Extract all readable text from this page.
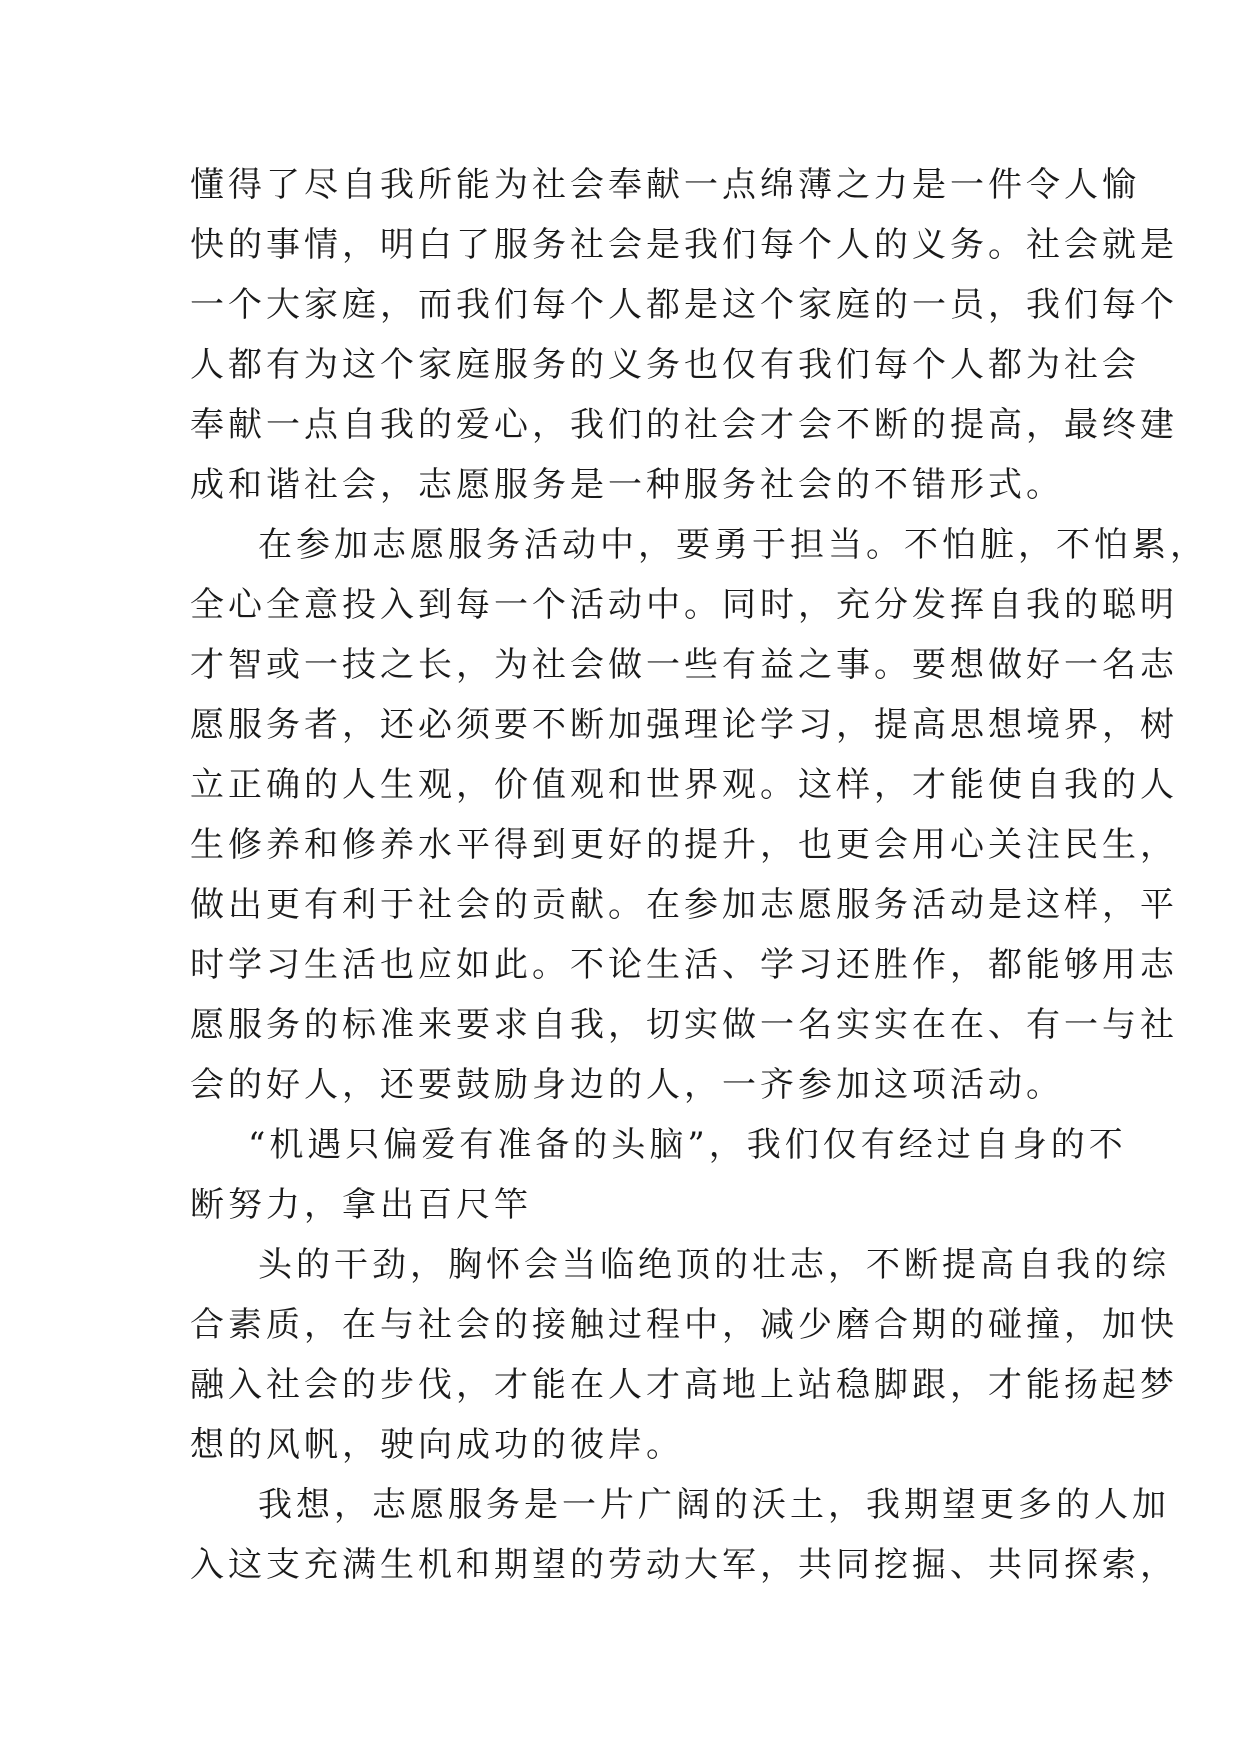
懂得了尽自我所能为社会奉献一点绵薄之力是一件令人愉
快的事情，明白了服务社会是我们每个人的义务。社会就是
一个大家庭，而我们每个人都是这个家庭的一员，我们每个
人都有为这个家庭服务的义务也仅有我们每个人都为社会
奉献一点自我的爱心，我们的社会才会不断的提高，最终建
成和谐社会，志愿服务是一种服务社会的不错形式。
在参加志愿服务活动中，要勇于担当。不怕脏，不怕累，
全心全意投入到每一个活动中。同时，充分发挥自我的聪明
才智或一技之长，为社会做一些有益之事。要想做好一名志
愿服务者，还必须要不断加强理论学习，提高思想境界，树
立正确的人生观，价值观和世界观。这样，才能使自我的人
生修养和修养水平得到更好的提升，也更会用心关注民生，
做出更有利于社会的贡献。在参加志愿服务活动是这样，平
时学习生活也应如此。不论生活、学习还胜作，都能够用志
愿服务的标准来要求自我，切实做一名实实在在、有一与社
会的好人，还要鼓励身边的人，一齐参加这项活动。
“机遇只偏爱有准备的头脑”，我们仅有经过自身的不
断努力，拿出百尺竿
头的干劲，胸怀会当临绝顶的壮志，不断提高自我的综
合素质，在与社会的接触过程中，减少磨合期的碰撞，加快
融入社会的步伐，才能在人才高地上站稳脚跟，才能扬起梦
想的风帆，驶向成功的彼岸。
我想，志愿服务是一片广阔的沃土，我期望更多的人加
入这支充满生机和期望的劳动大军，共同挖掘、共同探索，
